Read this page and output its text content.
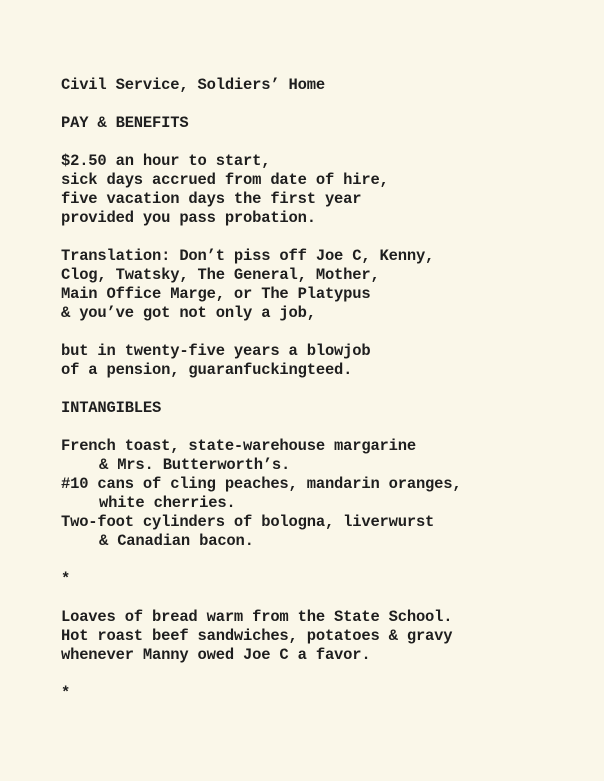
Civil Service, Soldiers’ Home
PAY & BENEFITS
$2.50 an hour to start,
sick days accrued from date of hire,
five vacation days the first year
provided you pass probation.
Translation: Don’t piss off Joe C, Kenny,
Clog, Twatsky, The General, Mother,
Main Office Marge, or The Platypus
& you’ve got not only a job,
but in twenty-five years a blowjob
of a pension, guaranfuckingteed.
INTANGIBLES
French toast, state-warehouse margarine
& Mrs. Butterworth’s.
#10 cans of cling peaches, mandarin oranges,
white cherries.
Two-foot cylinders of bologna, liverwurst
& Canadian bacon.
*
Loaves of bread warm from the State School.
Hot roast beef sandwiches, potatoes & gravy
whenever Manny owed Joe C a favor.
*
